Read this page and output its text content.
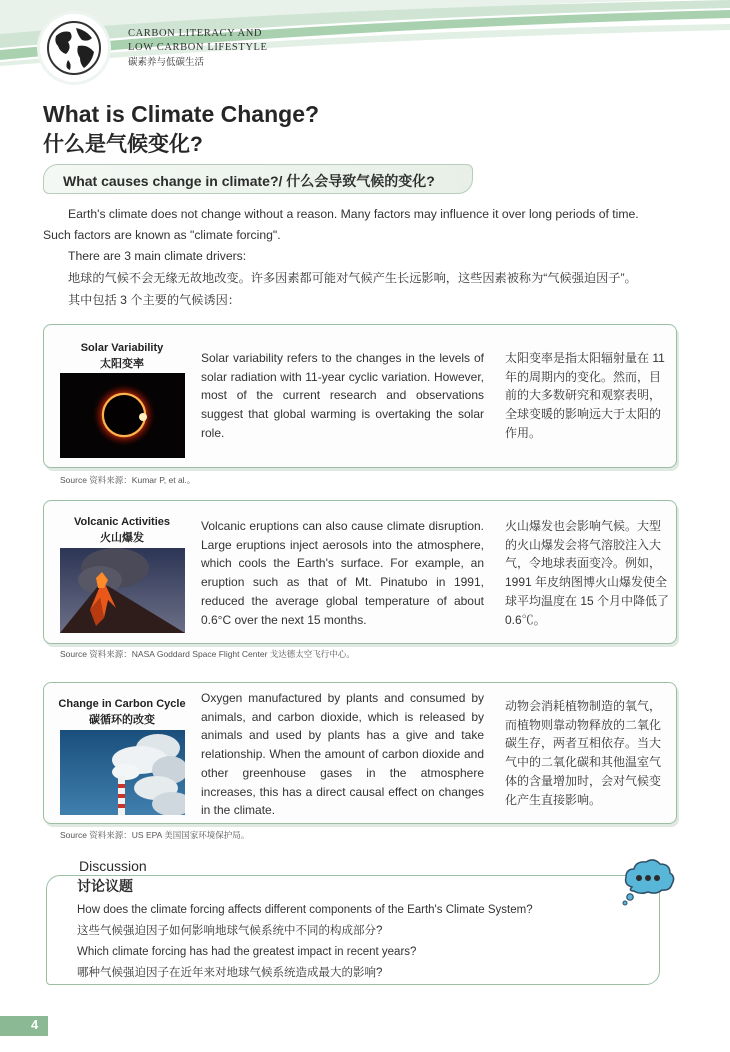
CARBON LITERACY AND
LOW CARBON LIFESTYLE
碳素养与低碳生活
What is Climate Change?
什么是气候变化?
What causes change in climate?/ 什么会导致气候的变化?
Earth's climate does not change without a reason. Many factors may influence it over long periods of time.
Such factors are known as "climate forcing".
There are 3 main climate drivers:
地球的气候不会无缘无故地改变。许多因素都可能对气候产生长远影响，这些因素被称为“气候强迫因子”。
其中包括 3 个主要的气候诱因：
Solar Variability
太阳变率	Solar variability refers to the changes in the levels of solar radiation with 11-year cyclic variation. However, most of the current research and observations suggest that global warming is overtaking the solar role.
太阳变率是指太阳辐射量在 11 年的周期内的变化。然而，目前的大多数研究和观察表明，全球变暖的影响远大于太阳的作用。
Source 资料来源：Kumar P, et al.。
Volcanic Activities
火山爆发
Volcanic eruptions can also cause climate disruption. Large eruptions inject aerosols into the atmosphere, which cools the Earth's surface. For example, an eruption such as that of Mt. Pinatubo in 1991, reduced the average global temperature of about 0.6°C over the next 15 months.
火山爆发也会影响气候。大型的火山爆发会将气溶胶注入大气，令地球表面变冷。例如，1991 年皮纳图博火山爆发使全球平均温度在 15 个月中降低了 0.6℃。
Source 资料来源：NASA Goddard Space Flight Center 戈达德太空飞行中心。
Change in Carbon Cycle
碳循环的改变
Oxygen manufactured by plants and consumed by animals, and carbon dioxide, which is released by animals and used by plants has a give and take relationship. When the amount of carbon dioxide and other greenhouse gases in the atmosphere increases, this has a direct causal effect on changes in the climate.
动物会消耗植物制造的氧气，而植物则靠动物释放的二氧化碳生存，两者互相依存。当大气中的二氧化碳和其他温室气体的含量增加时，会对气候变化产生直接影响。
Source 资料来源：US EPA 美国国家环境保护局。
Discussion
讨论议题
How does the climate forcing affects different components of the Earth's Climate System?
这些气候强迫因子如何影响地球气候系统中不同的构成部分?
Which climate forcing has had the greatest impact in recent years?
哪种气候强迫因子在近年来对地球气候系统造成最大的影响?
4
